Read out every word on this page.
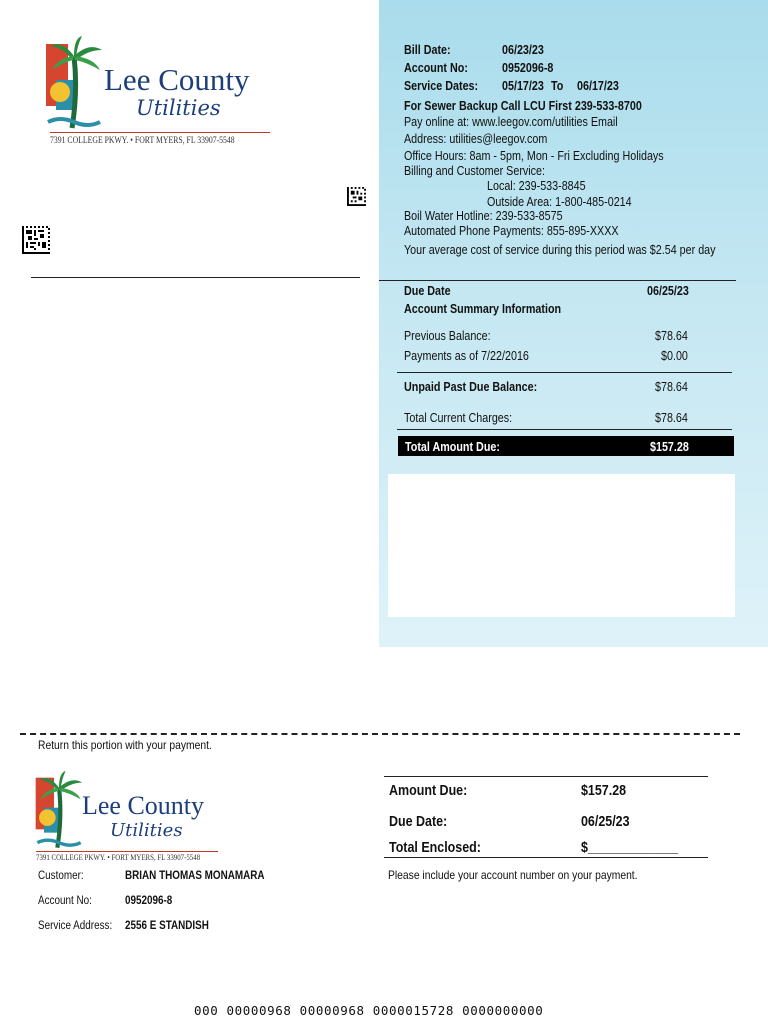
Lee County
Utilities
7391 COLLEGE PKWY. • FORT MYERS, FL 33907-5548
Bill Date:	06/23/23
Account No:	0952096-8
Service Dates: 05/17/23 To 06/17/23
For Sewer Backup Call LCU First 239-533-8700
Pay online at: www.leegov.com/utilities Email
Address: utilities@leegov.com
Office Hours: 8am - 5pm, Mon - Fri Excluding Holidays
Billing and Customer Service:
Local: 239-533-8845
Outside Area: 1-800-485-0214
Boil Water Hotline: 239-533-8575
Automated Phone Payments: 855-895-XXXX
Your average cost of service during this period was $2.54 per day
Due Date	06/25/23
Account Summary Information
Previous Balance:	$78.64
Payments as of 7/22/2016	$0.00
Unpaid Past Due Balance:	$78.64
Total Current Charges:	$78.64
Total Amount Due:	$157.28
Return this portion with your payment.
Lee County
Utilities
7391 COLLEGE PKWY. • FORT MYERS, FL 33907-5548
Amount Due:	$157.28
Due Date:	06/25/23
Total Enclosed:	$_____________
Please include your account number on your payment.
Customer:	BRIAN THOMAS MONAMARA
Account No:	0952096-8
Service Address: 2556 E STANDISH
000 00000968 00000968 0000015728 0000000000
